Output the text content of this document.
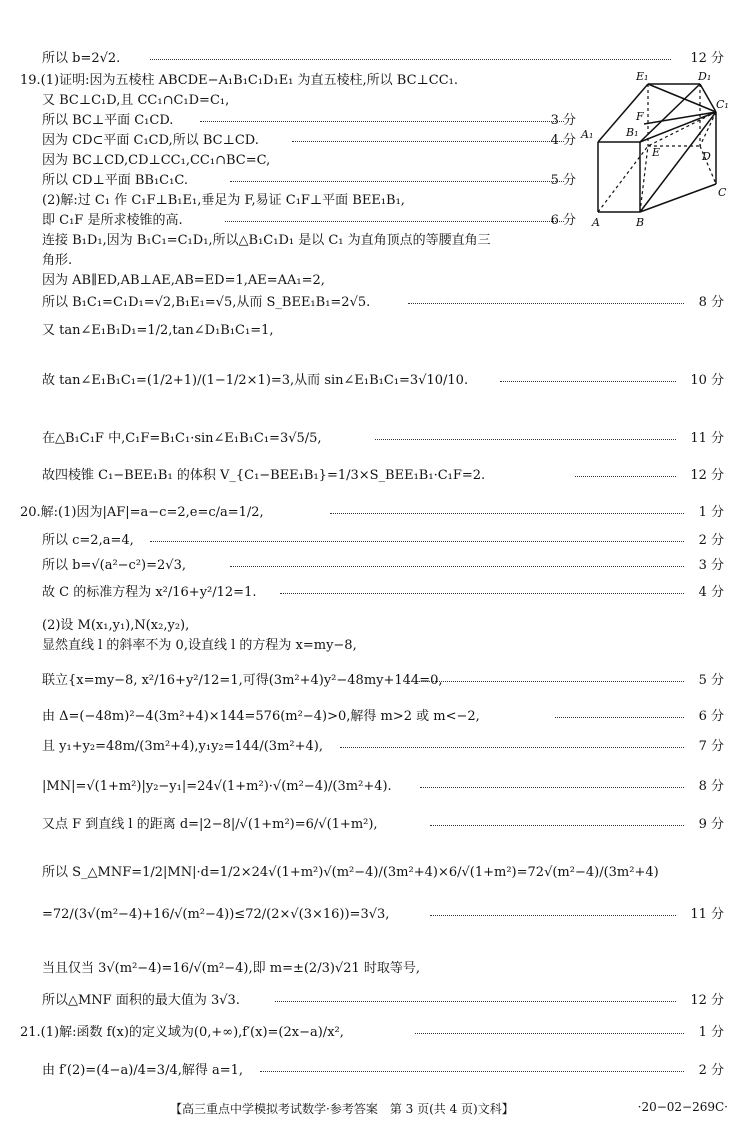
所以 b=2√2.	12 分
19.(1)证明:因为五棱柱 ABCDE−A₁B₁C₁D₁E₁ 为直五棱柱,所以 BC⊥CC₁.
又 BC⊥C₁D,且 CC₁∩C₁D=C₁,
所以 BC⊥平面 C₁CD.	3 分
因为 CD⊂平面 C₁CD,所以 BC⊥CD.	4 分
因为 BC⊥CD,CD⊥CC₁,CC₁∩BC=C,
所以 CD⊥平面 BB₁C₁C.	5 分
(2)解:过 C₁ 作 C₁F⊥B₁E₁,垂足为 F,易证 C₁F⊥平面 BEE₁B₁,
即 C₁F 是所求棱锥的高.	6 分
连接 B₁D₁,因为 B₁C₁=C₁D₁,所以△B₁C₁D₁ 是以 C₁ 为直角顶点的等腰直角三
角形.
因为 AB∥ED,AB⊥AE,AB=ED=1,AE=AA₁=2,
所以 B₁C₁=C₁D₁=√2,B₁E₁=√5,从而 S_BEE₁B₁=2√5.	8 分
又 tan∠E₁B₁D₁=1/2,tan∠D₁B₁C₁=1,
故 tan∠E₁B₁C₁=(1/2+1)/(1−1/2×1)=3,从而 sin∠E₁B₁C₁=3√10/10.	10 分
在△B₁C₁F 中,C₁F=B₁C₁·sin∠E₁B₁C₁=3√5/5,	11 分
故四棱锥 C₁−BEE₁B₁ 的体积 V_{C₁−BEE₁B₁}=1/3×S_BEE₁B₁·C₁F=2.	12 分
20.解:(1)因为|AF|=a−c=2,e=c/a=1/2,	1 分
所以 c=2,a=4,	2 分
所以 b=√(a²−c²)=2√3,	3 分
故 C 的标准方程为 x²/16+y²/12=1.	4 分
(2)设 M(x₁,y₁),N(x₂,y₂),
显然直线 l 的斜率不为 0,设直线 l 的方程为 x=my−8,
联立{x=my−8, x²/16+y²/12=1,可得(3m²+4)y²−48my+144=0,	5 分
由 Δ=(−48m)²−4(3m²+4)×144=576(m²−4)>0,解得 m>2 或 m<−2,	6 分
且 y₁+y₂=48m/(3m²+4),y₁y₂=144/(3m²+4),	7 分
|MN|=√(1+m²)|y₂−y₁|=24√(1+m²)·√(m²−4)/(3m²+4).	8 分
又点 F 到直线 l 的距离 d=|2−8|/√(1+m²)=6/√(1+m²),	9 分
所以 S_△MNF=1/2|MN|·d=1/2×24√(1+m²)√(m²−4)/(3m²+4)×6/√(1+m²)=72√(m²−4)/(3m²+4)
=72/(3√(m²−4)+16/√(m²−4))≤72/(2×√(3×16))=3√3,	11 分
当且仅当 3√(m²−4)=16/√(m²−4),即 m=±(2/3)√21 时取等号,
所以△MNF 面积的最大值为 3√3.	12 分
21.(1)解:函数 f(x)的定义域为(0,+∞),f′(x)=(2x−a)/x²,	1 分
由 f′(2)=(4−a)/4=3/4,解得 a=1,	2 分
E₁	D₁
C₁
A₁	B₁
F
E	D
C
A	B
【高三重点中学模拟考试数学·参考答案　第 3 页(共 4 页)文科】	·20−02−269C·
